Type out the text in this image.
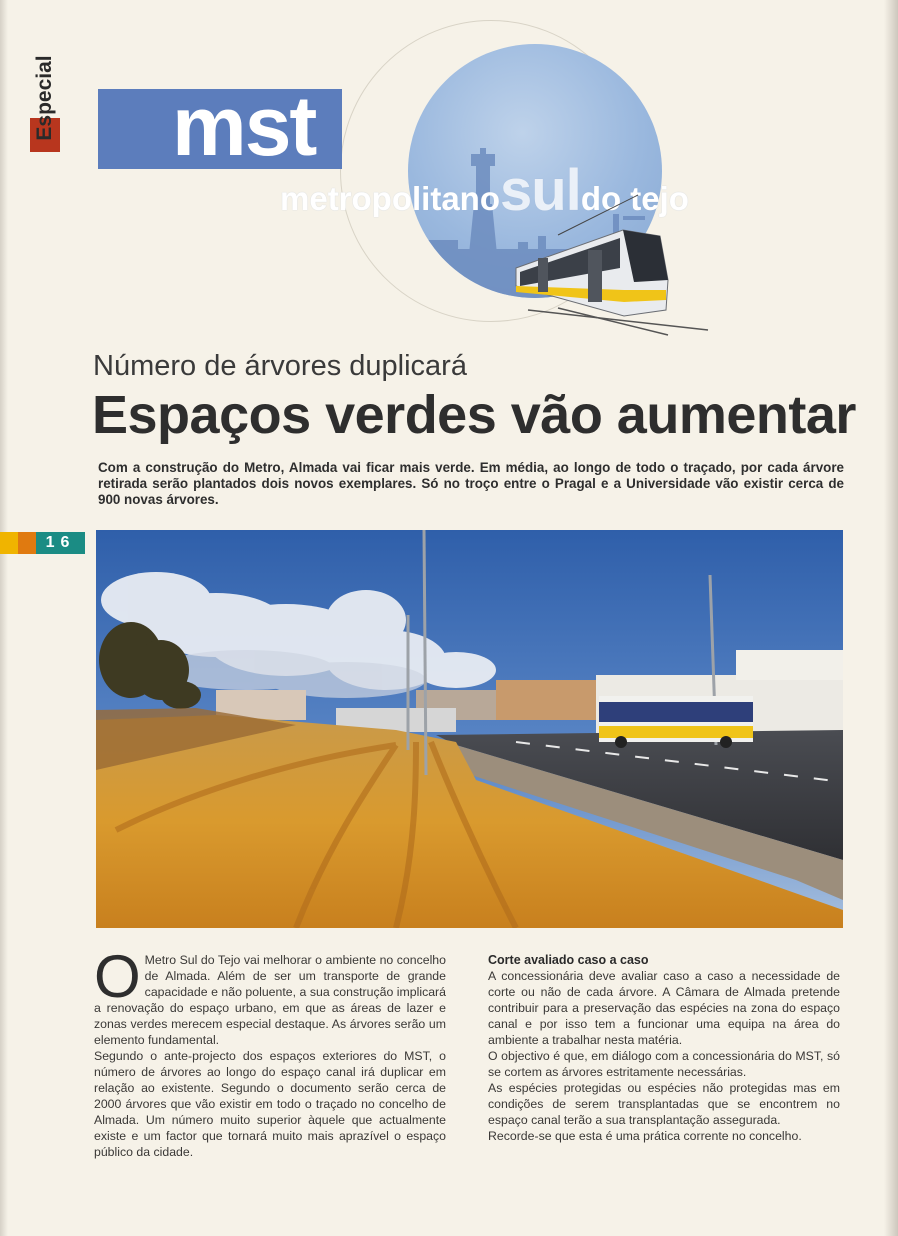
Especial mst
metropolitanosuldo tejo
Número de árvores duplicará
Espaços verdes vão aumentar
Com a construção do Metro, Almada vai ficar mais verde. Em média, ao longo de todo o traçado, por cada árvore retirada serão plantados dois novos exemplares. Só no troço entre o Pragal e a Universidade vão existir cerca de 900 novas árvores.
16

O Metro Sul do Tejo vai melhorar o ambiente no concelho de Almada. Além de ser um transporte de grande capacidade e não poluente, a sua construção implicará a renovação do espaço urbano, em que as áreas de lazer e zonas verdes merecem especial destaque. As árvores serão um elemento fundamental.

Segundo o ante-projecto dos espaços exteriores do MST, o número de árvores ao longo do espaço canal irá duplicar em relação ao existente. Segundo o documento serão cerca de 2000 árvores que vão existir em todo o traçado no concelho de Almada. Um número muito superior àquele que actualmente existe e um factor que tornará muito mais aprazível o espaço público da cidade.

Corte avaliado caso a caso

A concessionária deve avaliar caso a caso a necessidade de corte ou não de cada árvore. A Câmara de Almada pretende contribuir para a preservação das espécies na zona do espaço canal e por isso tem a funcionar uma equipa na área do ambiente a trabalhar nesta matéria.

O objectivo é que, em diálogo com a concessionária do MST, só se cortem as árvores estritamente necessárias.

As espécies protegidas ou espécies não protegidas mas em condições de serem transplantadas que se encontrem no espaço canal terão a sua transplantação assegurada.

Recorde-se que esta é uma prática corrente no concelho.
